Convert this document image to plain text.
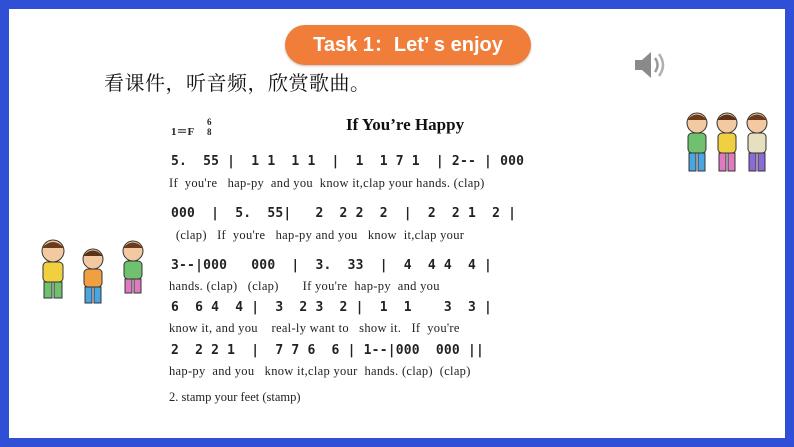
Task 1：Let’ s enjoy
看课件，听音频，欣赏歌曲。
1＝F
6
8	If You’re Happy
5.  55 |  1 1  1 1  |  1  1 7 1  | 2-- | 000
If  you're   hap-py  and you  know it,clap your hands. (clap)
000  |  5.  55|   2  2 2  2  |  2  2 1  2 |
(clap)   If  you're   hap-py and you   know  it,clap your
3--|000   000  |  3.  33  |  4  4 4  4 |
hands. (clap)   (clap)       If you're  hap-py  and you
6  6 4  4 |  3  2 3  2 |  1  1    3  3 |
know it, and you    real-ly want to   show it.   If  you're
2  2 2 1  |  7 7 6  6 | 1--|000  000 ||
hap-py  and you   know it,clap your  hands. (clap)  (clap)
2. stamp your feet (stamp)
